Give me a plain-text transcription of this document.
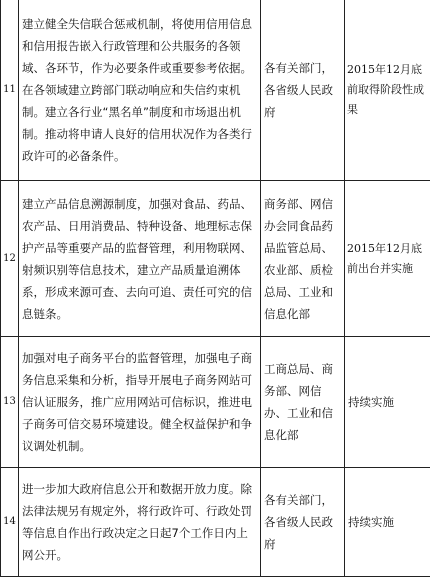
11	建立健全失信联合惩戒机制，将使用信用信息和信用报告嵌入行政管理和公共服务的各领域、各环节，作为必要条件或重要参考依据。在各领域建立跨部门联动响应和失信约束机制。建立各行业“黑名单”制度和市场退出机制。推动将申请人良好的信用状况作为各类行政许可的必备条件。	各有关部门，各省级人民政府	2015年12月底前取得阶段性成果
12	建立产品信息溯源制度，加强对食品、药品、农产品、日用消费品、特种设备、地理标志保护产品等重要产品的监督管理，利用物联网、射频识别等信息技术，建立产品质量追溯体系，形成来源可查、去向可追、责任可究的信息链条。	商务部、网信办会同食品药品监管总局、农业部、质检总局、工业和信息化部	2015年12月底前出台并实施
13	加强对电子商务平台的监督管理，加强电子商务信息采集和分析，指导开展电子商务网站可信认证服务，推广应用网站可信标识，推进电子商务可信交易环境建设。健全权益保护和争议调处机制。	工商总局、商务部、网信办、工业和信息化部	持续实施
14	进一步加大政府信息公开和数据开放力度。除法律法规另有规定外，将行政许可、行政处罚等信息自作出行政决定之日起7个工作日内上网公开。	各有关部门，各省级人民政府	持续实施
